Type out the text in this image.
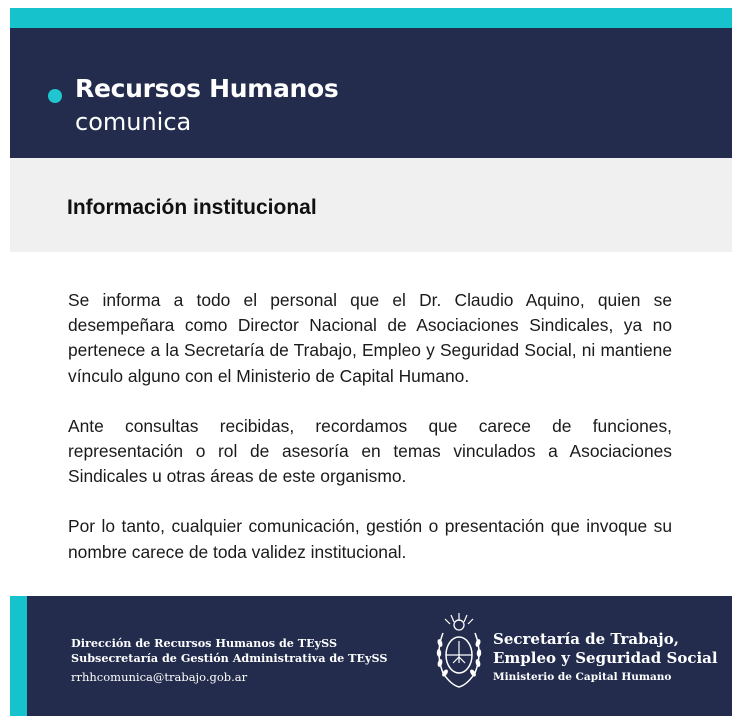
Recursos Humanos
comunica
Información institucional

Se informa a todo el personal que el Dr. Claudio Aquino, quien se desempeñara como Director Nacional de Asociaciones Sindicales, ya no pertenece a la Secretaría de Trabajo, Empleo y Seguridad Social, ni mantiene vínculo alguno con el Ministerio de Capital Humano.

Ante consultas recibidas, recordamos que carece de funciones, representación o rol de asesoría en temas vinculados a Asociaciones Sindicales u otras áreas de este organismo.

Por lo tanto, cualquier comunicación, gestión o presentación que invoque su nombre carece de toda validez institucional.

Dirección de Recursos Humanos de TEySS
Subsecretaría de Gestión Administrativa de TEySS
rrhhcomunica@trabajo.gob.ar
Secretaría de Trabajo,
Empleo y Seguridad Social
Ministerio de Capital Humano
